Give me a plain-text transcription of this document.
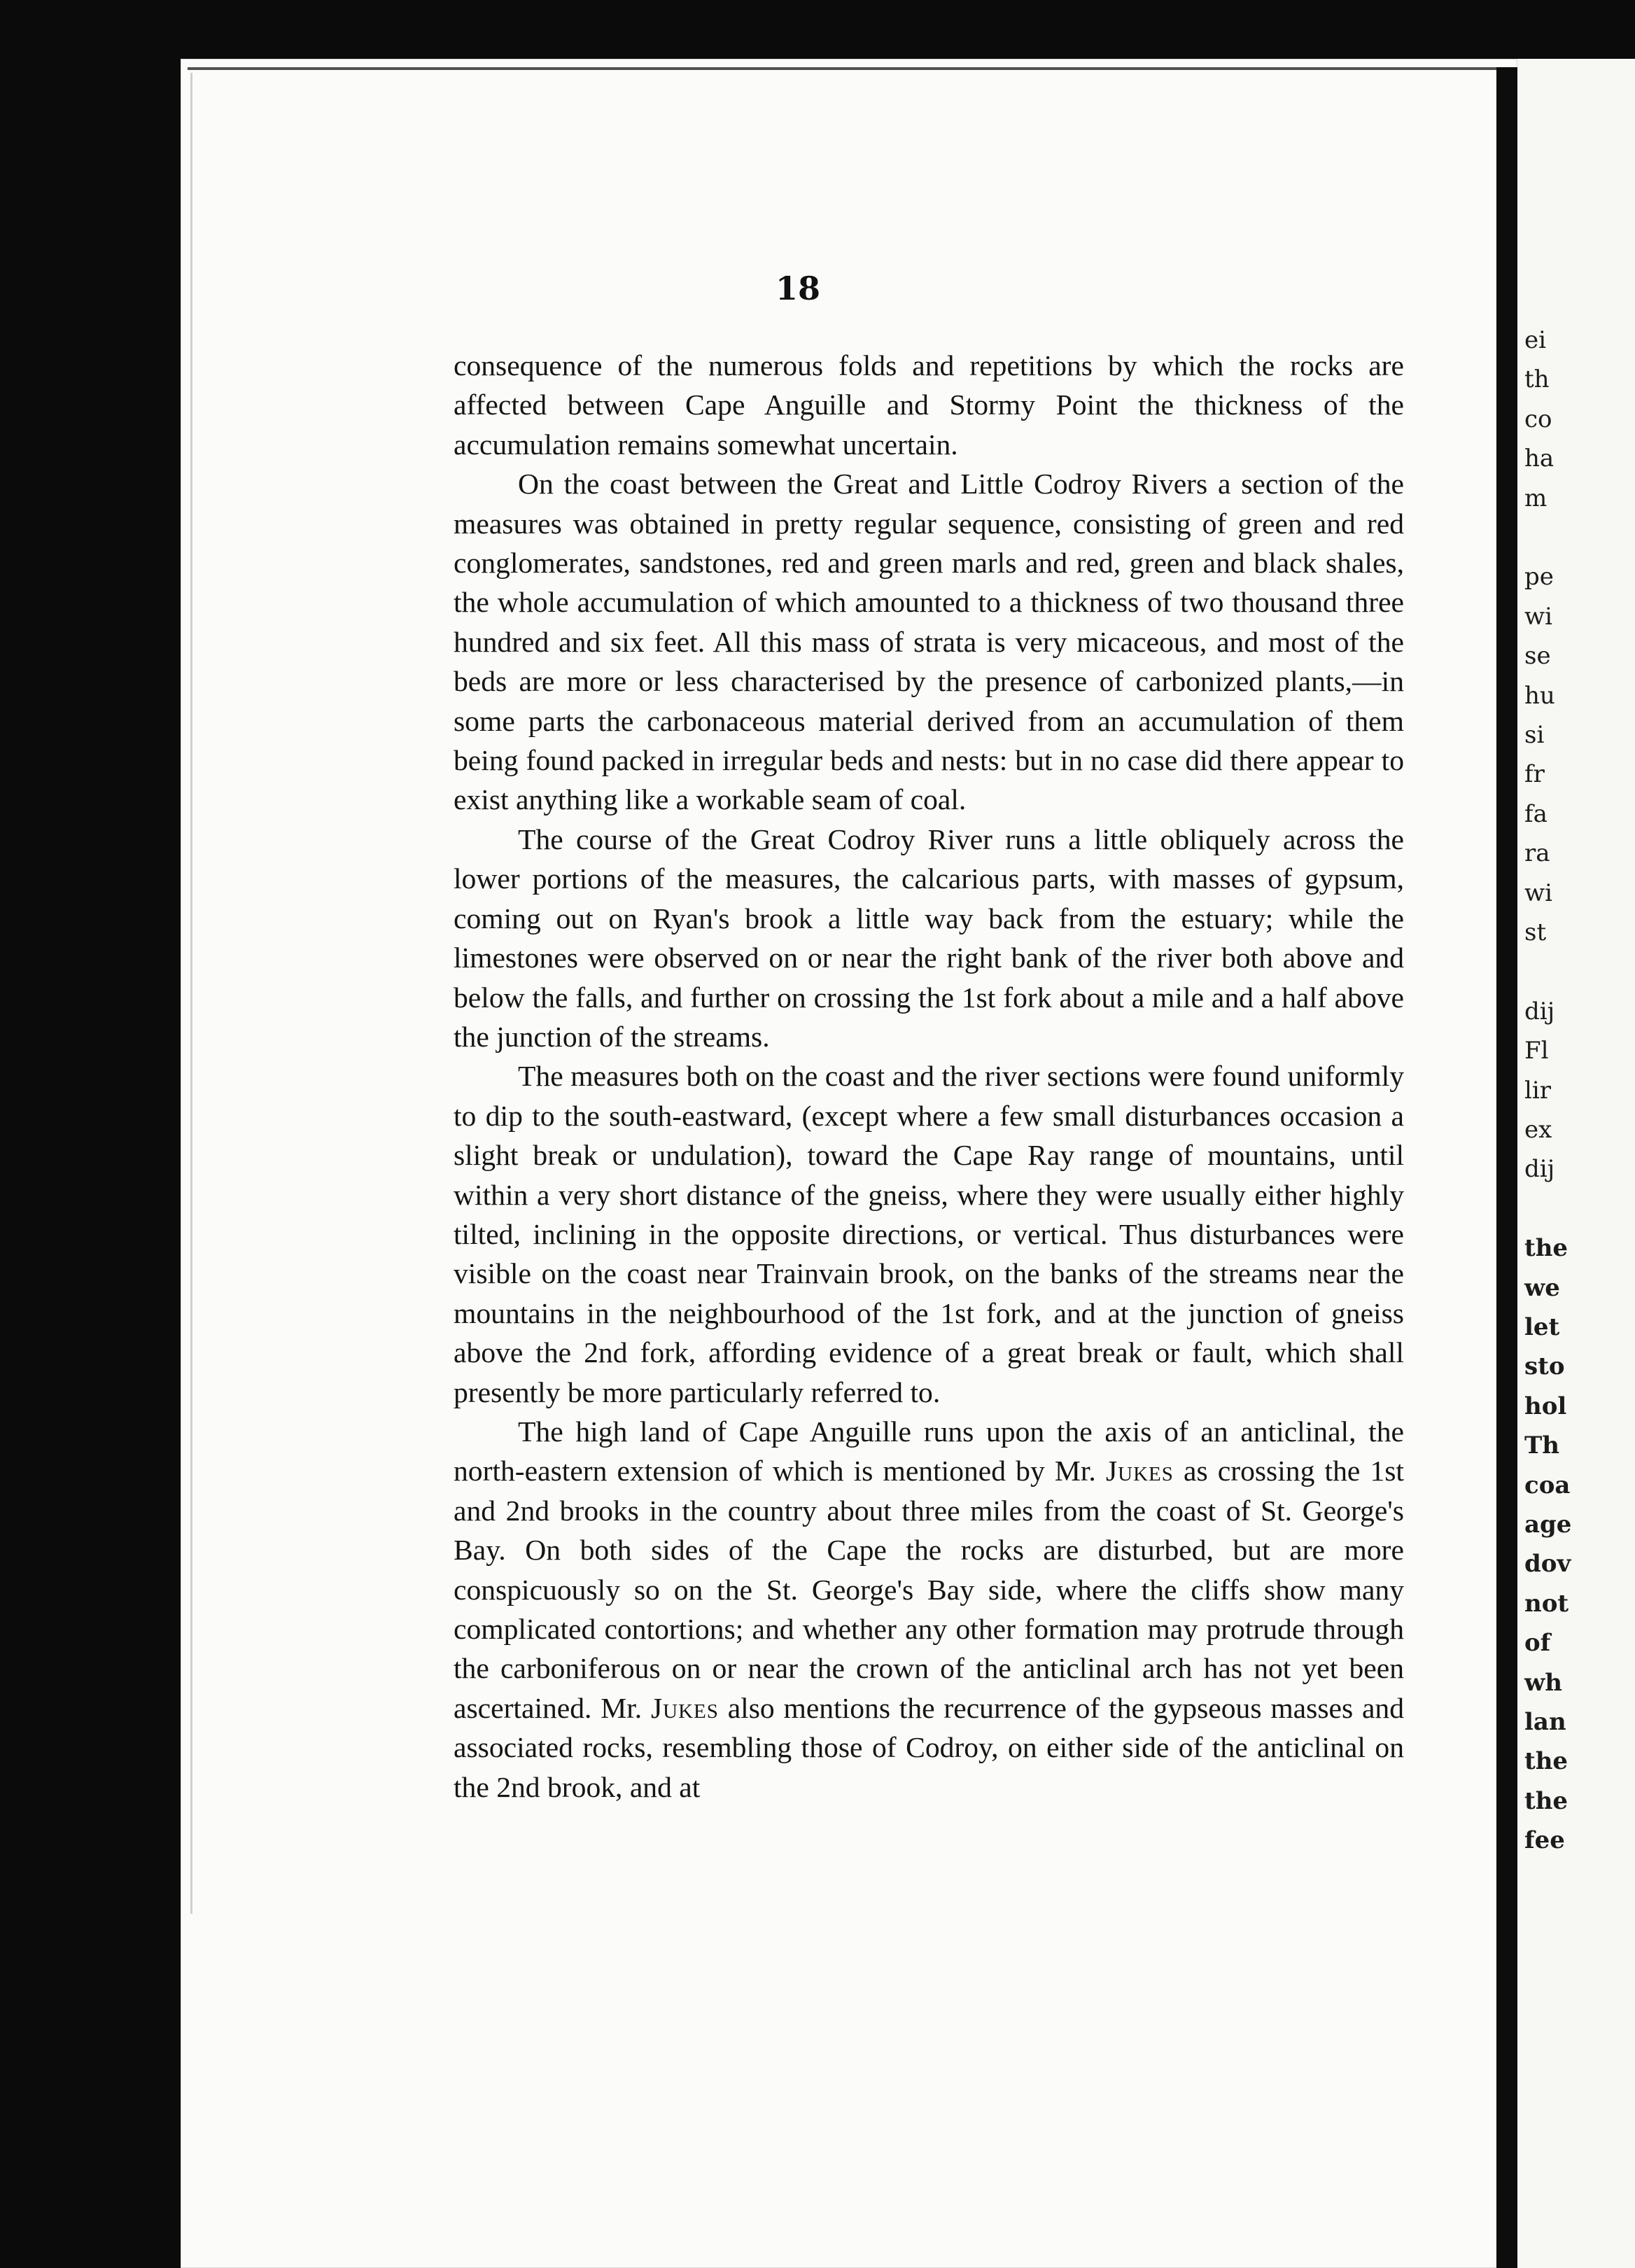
ei
th
co
ha
m
pe
wi
se
hu
si
fr
fa
ra
wi
st
dij
Fl
lir
ex
dij
the
we
let
sto
hol
Th
coa
age
dov
not
of
wh
lan
the
the
fee
18

consequence of the numerous folds and repetitions by which the rocks are affected between Cape Anguille and Stormy Point the thickness of the accumulation remains somewhat uncertain.

On the coast between the Great and Little Codroy Rivers a section of the measures was obtained in pretty regular sequence, consisting of green and red conglomerates, sandstones, red and green marls and red, green and black shales, the whole accumulation of which amounted to a thickness of two thousand three hundred and six feet. All this mass of strata is very micaceous, and most of the beds are more or less characterised by the presence of carbonized plants,—in some parts the carbonaceous material derived from an accumulation of them being found packed in irregular beds and nests: but in no case did there appear to exist anything like a workable seam of coal.

The course of the Great Codroy River runs a little obliquely across the lower portions of the measures, the calcarious parts, with masses of gypsum, coming out on Ryan's brook a little way back from the estuary; while the limestones were observed on or near the right bank of the river both above and below the falls, and further on crossing the 1st fork about a mile and a half above the junction of the streams.

The measures both on the coast and the river sections were found uniformly to dip to the south-eastward, (except where a few small disturbances occasion a slight break or undulation), toward the Cape Ray range of mountains, until within a very short distance of the gneiss, where they were usually either highly tilted, inclining in the opposite directions, or vertical. Thus disturbances were visible on the coast near Trainvain brook, on the banks of the streams near the mountains in the neighbourhood of the 1st fork, and at the junction of gneiss above the 2nd fork, affording evidence of a great break or fault, which shall presently be more particularly referred to.

The high land of Cape Anguille runs upon the axis of an anticlinal, the north-eastern extension of which is mentioned by Mr. Jukes as crossing the 1st and 2nd brooks in the country about three miles from the coast of St. George's Bay. On both sides of the Cape the rocks are disturbed, but are more conspicuously so on the St. George's Bay side, where the cliffs show many complicated contortions; and whether any other formation may protrude through the carboniferous on or near the crown of the anticlinal arch has not yet been ascertained. Mr. Jukes also mentions the recurrence of the gypseous masses and associated rocks, resembling those of Codroy, on either side of the anticlinal on the 2nd brook, and at
